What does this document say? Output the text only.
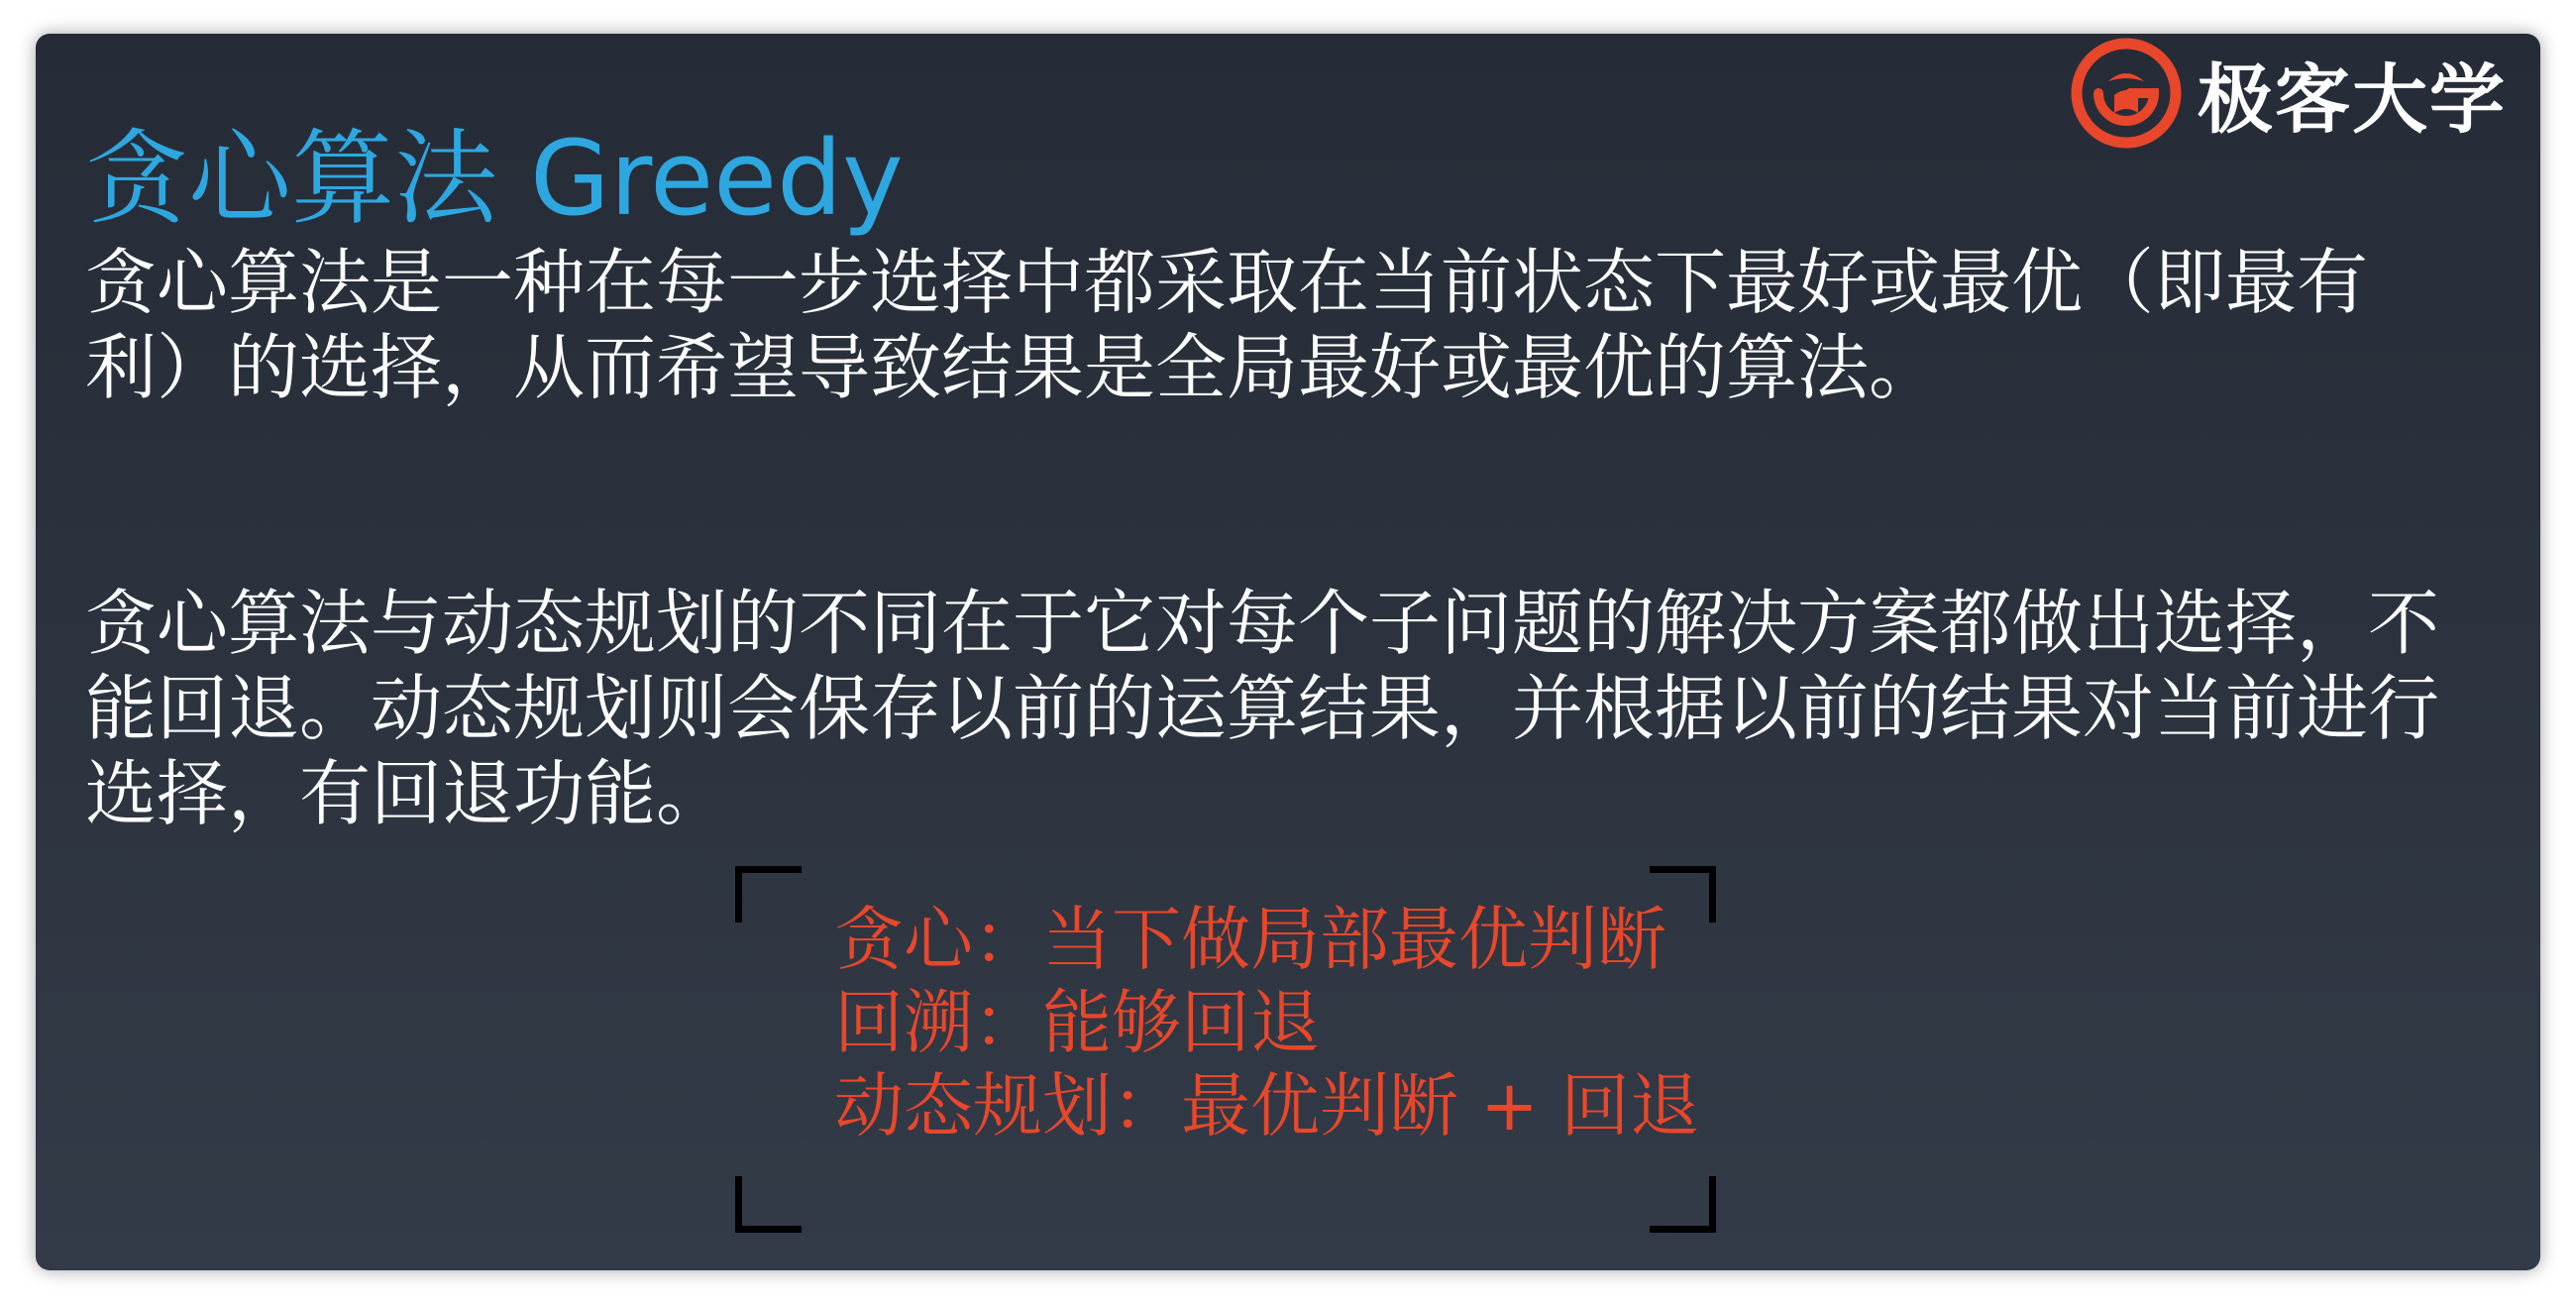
贪心算法 Greedy
极客大学

贪心算法是一种在每一步选择中都采取在当前状态下最好或最优（即最有利）的选择，从而希望导致结果是全局最好或最优的算法。

贪心算法与动态规划的不同在于它对每个子问题的解决方案都做出选择，不能回退。动态规划则会保存以前的运算结果，并根据以前的结果对当前进行选择，有回退功能。

贪心：当下做局部最优判断
回溯：能够回退
动态规划：最优判断 + 回退
